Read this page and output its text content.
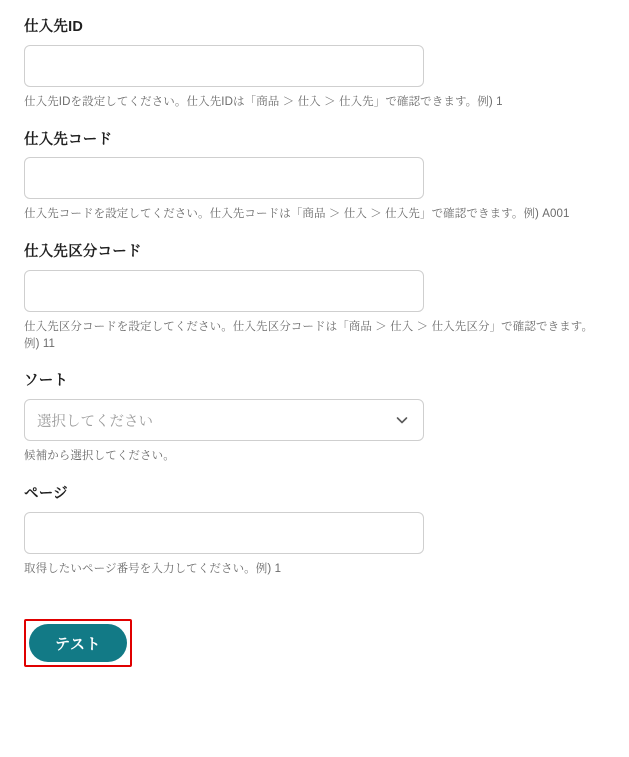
仕入先ID
仕入先IDを設定してください。仕入先IDは「商品 ＞ 仕入 ＞ 仕入先」で確認できます。例) 1
仕入先コード
仕入先コードを設定してください。仕入先コードは「商品 ＞ 仕入 ＞ 仕入先」で確認できます。例) A001
仕入先区分コード
仕入先区分コードを設定してください。仕入先区分コードは「商品 ＞ 仕入 ＞ 仕入先区分」で確認できます。例) 11
ソート
選択してください
候補から選択してください。
ページ
取得したいページ番号を入力してください。例) 1
テスト
